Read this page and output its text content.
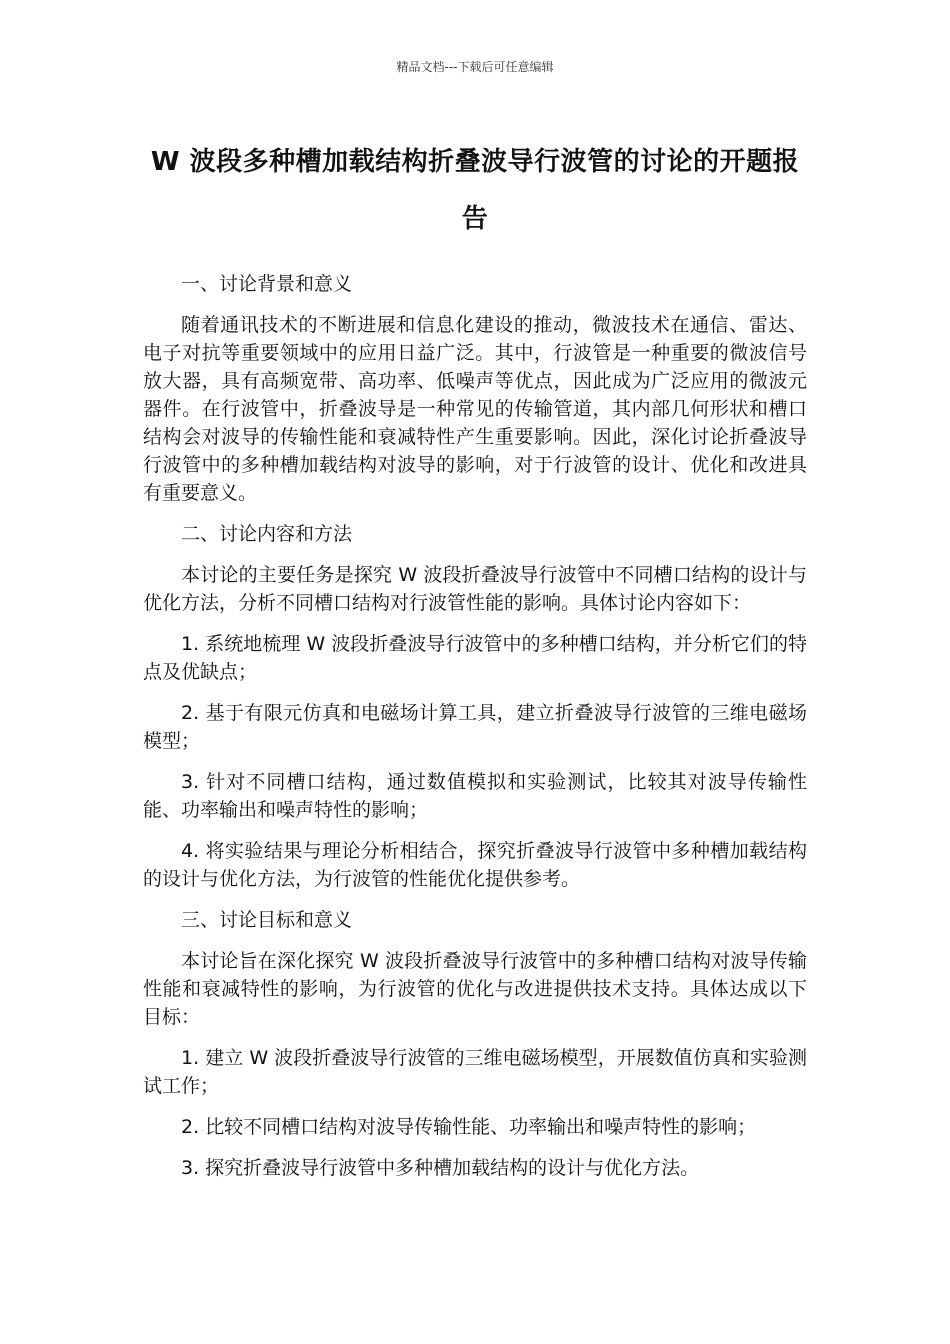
精品文档---下载后可任意编辑
W 波段多种槽加载结构折叠波导行波管的讨论的开题报告

一、讨论背景和意义

随着通讯技术的不断进展和信息化建设的推动，微波技术在通信、雷达、电子对抗等重要领域中的应用日益广泛。其中，行波管是一种重要的微波信号放大器，具有高频宽带、高功率、低噪声等优点，因此成为广泛应用的微波元器件。在行波管中，折叠波导是一种常见的传输管道，其内部几何形状和槽口结构会对波导的传输性能和衰减特性产生重要影响。因此，深化讨论折叠波导行波管中的多种槽加载结构对波导的影响，对于行波管的设计、优化和改进具有重要意义。

二、讨论内容和方法

本讨论的主要任务是探究 W 波段折叠波导行波管中不同槽口结构的设计与优化方法，分析不同槽口结构对行波管性能的影响。具体讨论内容如下：

1. 系统地梳理 W 波段折叠波导行波管中的多种槽口结构，并分析它们的特点及优缺点；

2. 基于有限元仿真和电磁场计算工具，建立折叠波导行波管的三维电磁场模型；

3. 针对不同槽口结构，通过数值模拟和实验测试，比较其对波导传输性能、功率输出和噪声特性的影响；

4. 将实验结果与理论分析相结合，探究折叠波导行波管中多种槽加载结构的设计与优化方法，为行波管的性能优化提供参考。

三、讨论目标和意义

本讨论旨在深化探究 W 波段折叠波导行波管中的多种槽口结构对波导传输性能和衰减特性的影响，为行波管的优化与改进提供技术支持。具体达成以下目标：

1. 建立 W 波段折叠波导行波管的三维电磁场模型，开展数值仿真和实验测试工作；

2. 比较不同槽口结构对波导传输性能、功率输出和噪声特性的影响；

3. 探究折叠波导行波管中多种槽加载结构的设计与优化方法。
